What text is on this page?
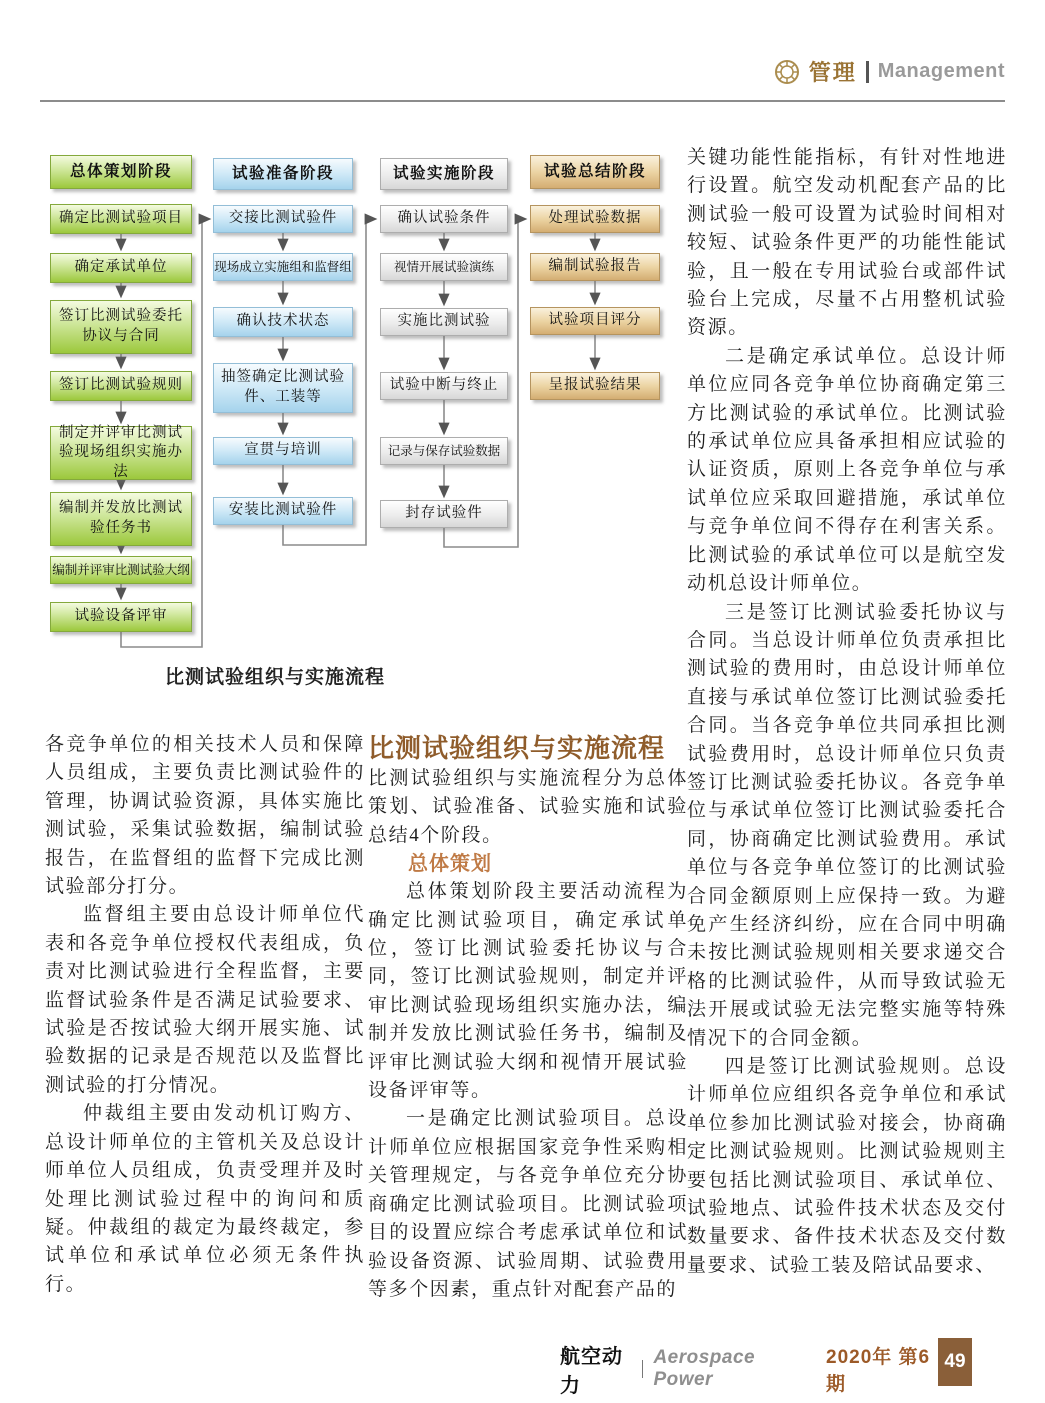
管理 Management
总体策划阶段
确定比测试验项目
确定承试单位
签订比测试验委托协议与合同
签订比测试验规则
制定并评审比测试验现场组织实施办法
编制并发放比测试验任务书
编制并评审比测试验大纲
试验设备评审
试验准备阶段
交接比测试验件
现场成立实施组和监督组
确认技术状态
抽签确定比测试验件、工装等
宣贯与培训
安装比测试验件
试验实施阶段
确认试验条件
视情开展试验演练
实施比测试验
试验中断与终止
记录与保存试验数据
封存试验件
试验总结阶段
处理试验数据
编制试验报告
试验项目评分
呈报试验结果
比测试验组织与实施流程

各竞争单位的相关技术人员和保障人员组成，主要负责比测试验件的管理，协调试验资源，具体实施比测试验，采集试验数据，编制试验报告，在监督组的监督下完成比测试验部分打分。

监督组主要由总设计师单位代表和各竞争单位授权代表组成，负责对比测试验进行全程监督，主要监督试验条件是否满足试验要求、试验是否按试验大纲开展实施、试验数据的记录是否规范以及监督比测试验的打分情况。

仲裁组主要由发动机订购方、总设计师单位的主管机关及总设计师单位人员组成，负责受理并及时处理比测试验过程中的询问和质疑。仲裁组的裁定为最终裁定，参试单位和承试单位必须无条件执行。

比测试验组织与实施流程

比测试验组织与实施流程分为总体策划、试验准备、试验实施和试验总结4个阶段。

总体策划

总体策划阶段主要活动流程为确定比测试验项目，确定承试单位，签订比测试验委托协议与合同，签订比测试验规则，制定并评审比测试验现场组织实施办法，编制并发放比测试验任务书，编制及评审比测试验大纲和视情开展试验设备评审等。

一是确定比测试验项目。总设计师单位应根据国家竞争性采购相关管理规定，与各竞争单位充分协商确定比测试验项目。比测试验项目的设置应综合考虑承试单位和试验设备资源、试验周期、试验费用等多个因素，重点针对配套产品的

关键功能性能指标，有针对性地进行设置。航空发动机配套产品的比测试验一般可设置为试验时间相对较短、试验条件更严的功能性能试验，且一般在专用试验台或部件试验台上完成，尽量不占用整机试验资源。

二是确定承试单位。总设计师单位应同各竞争单位协商确定第三方比测试验的承试单位。比测试验的承试单位应具备承担相应试验的认证资质，原则上各竞争单位与承试单位应采取回避措施，承试单位与竞争单位间不得存在利害关系。比测试验的承试单位可以是航空发动机总设计师单位。

三是签订比测试验委托协议与合同。当总设计师单位负责承担比测试验的费用时，由总设计师单位直接与承试单位签订比测试验委托合同。当各竞争单位共同承担比测试验费用时，总设计师单位只负责签订比测试验委托协议。各竞争单位与承试单位签订比测试验委托合同，协商确定比测试验费用。承试单位与各竞争单位签订的比测试验合同金额原则上应保持一致。为避免产生经济纠纷，应在合同中明确未按比测试验规则相关要求递交合格的比测试验件，从而导致试验无法开展或试验无法完整实施等特殊情况下的合同金额。

四是签订比测试验规则。总设计师单位应组织各竞争单位和承试单位参加比测试验对接会，协商确定比测试验规则。比测试验规则主要包括比测试验项目、承试单位、试验地点、试验件技术状态及交付数量要求、备件技术状态及交付数量要求、试验工装及陪试品要求、

航空动力
Aerospace Power
2020年 第6期
49
